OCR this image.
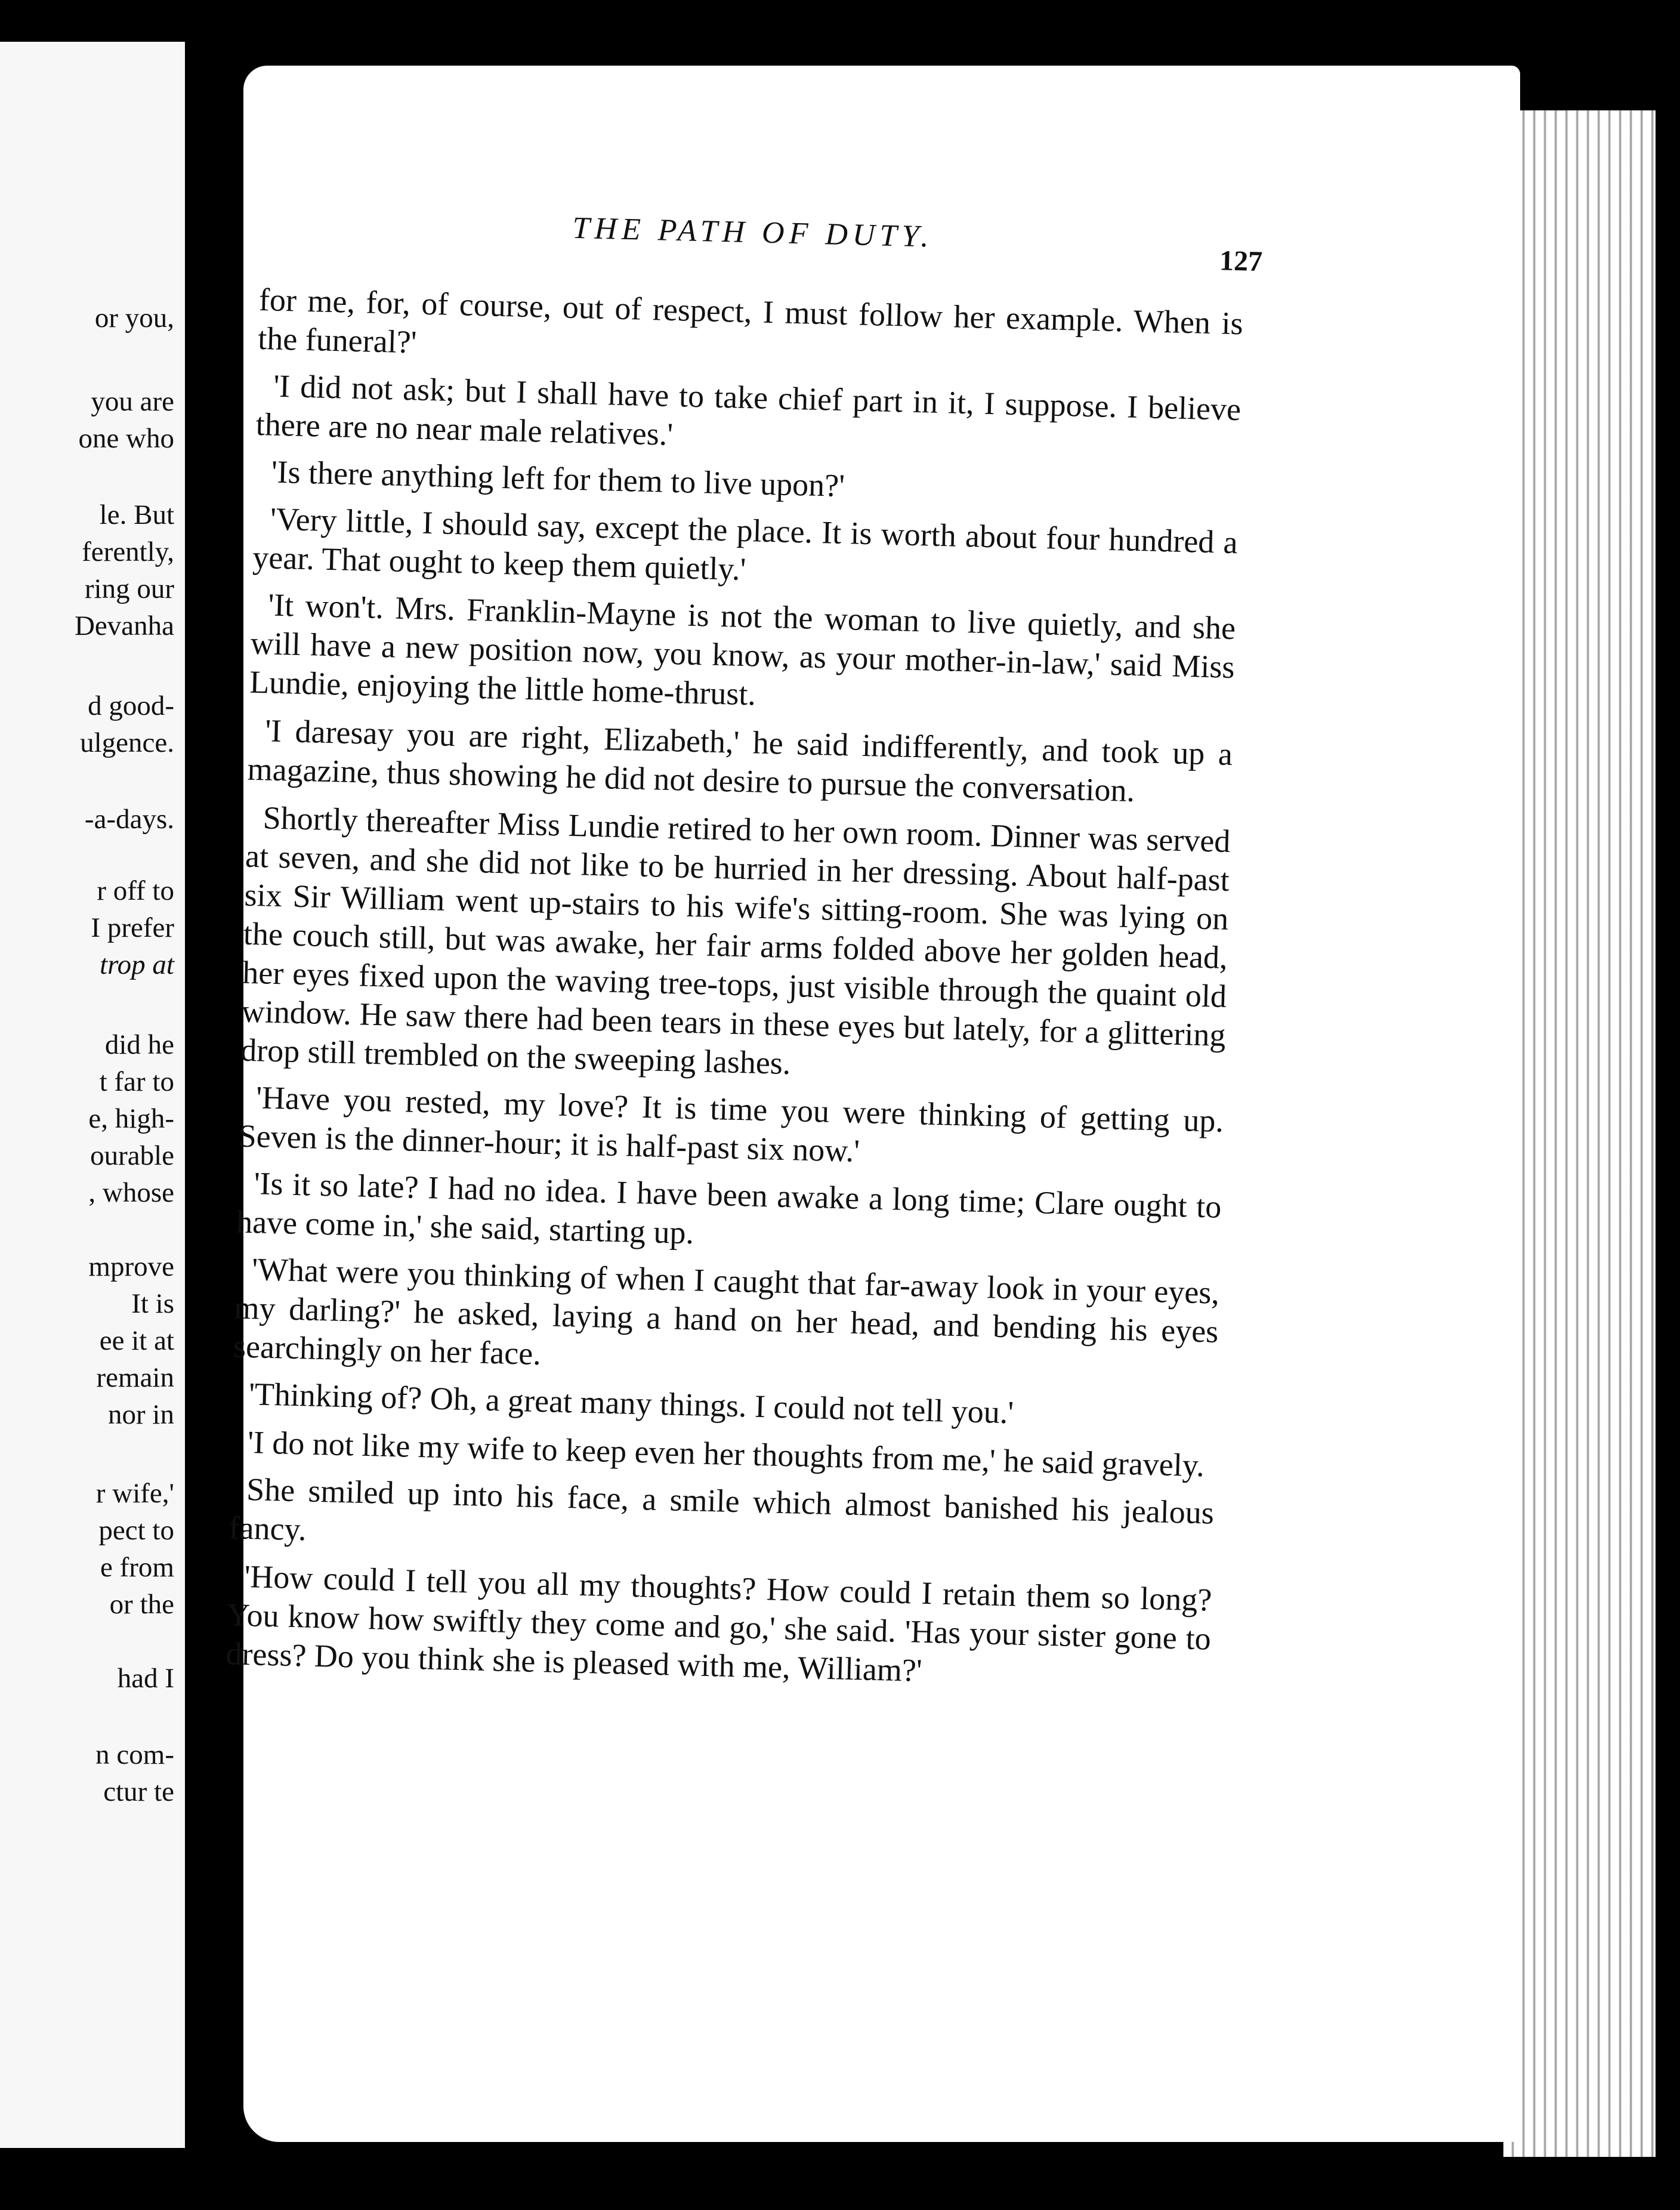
or you,
you are
one who
le. But
ferently,
ring our
Devanha
d good-
ulgence.
-a-days.
r off to
I prefer
trop at
did he
t far to
e, high-
ourable
, whose
mprove
It is
ee it at
remain
nor in
r wife,'
pect to
e from
or the
had I
n com-
ctur te
THE PATH OF DUTY.
127

for me, for, of course, out of respect, I must follow her example. When is the funeral?'

'I did not ask; but I shall have to take chief part in it, I suppose. I believe there are no near male relatives.'

'Is there anything left for them to live upon?'

'Very little, I should say, except the place. It is worth about four hundred a year. That ought to keep them quietly.'

'It won't. Mrs. Franklin-Mayne is not the woman to live quietly, and she will have a new position now, you know, as your mother-in-law,' said Miss Lundie, enjoying the little home-thrust.

'I daresay you are right, Elizabeth,' he said indifferently, and took up a magazine, thus showing he did not desire to pursue the conversation.

Shortly thereafter Miss Lundie retired to her own room. Dinner was served at seven, and she did not like to be hurried in her dressing. About half-past six Sir William went up-stairs to his wife's sitting-room. She was lying on the couch still, but was awake, her fair arms folded above her golden head, her eyes fixed upon the waving tree-tops, just visible through the quaint old window. He saw there had been tears in these eyes but lately, for a glittering drop still trembled on the sweeping lashes.

'Have you rested, my love? It is time you were thinking of getting up. Seven is the dinner-hour; it is half-past six now.'

'Is it so late? I had no idea. I have been awake a long time; Clare ought to have come in,' she said, starting up.

'What were you thinking of when I caught that far-away look in your eyes, my darling?' he asked, laying a hand on her head, and bending his eyes searchingly on her face.

'Thinking of? Oh, a great many things. I could not tell you.'

'I do not like my wife to keep even her thoughts from me,' he said gravely.

She smiled up into his face, a smile which almost banished his jealous fancy.

'How could I tell you all my thoughts? How could I retain them so long? You know how swiftly they come and go,' she said. 'Has your sister gone to dress? Do you think she is pleased with me, William?'
